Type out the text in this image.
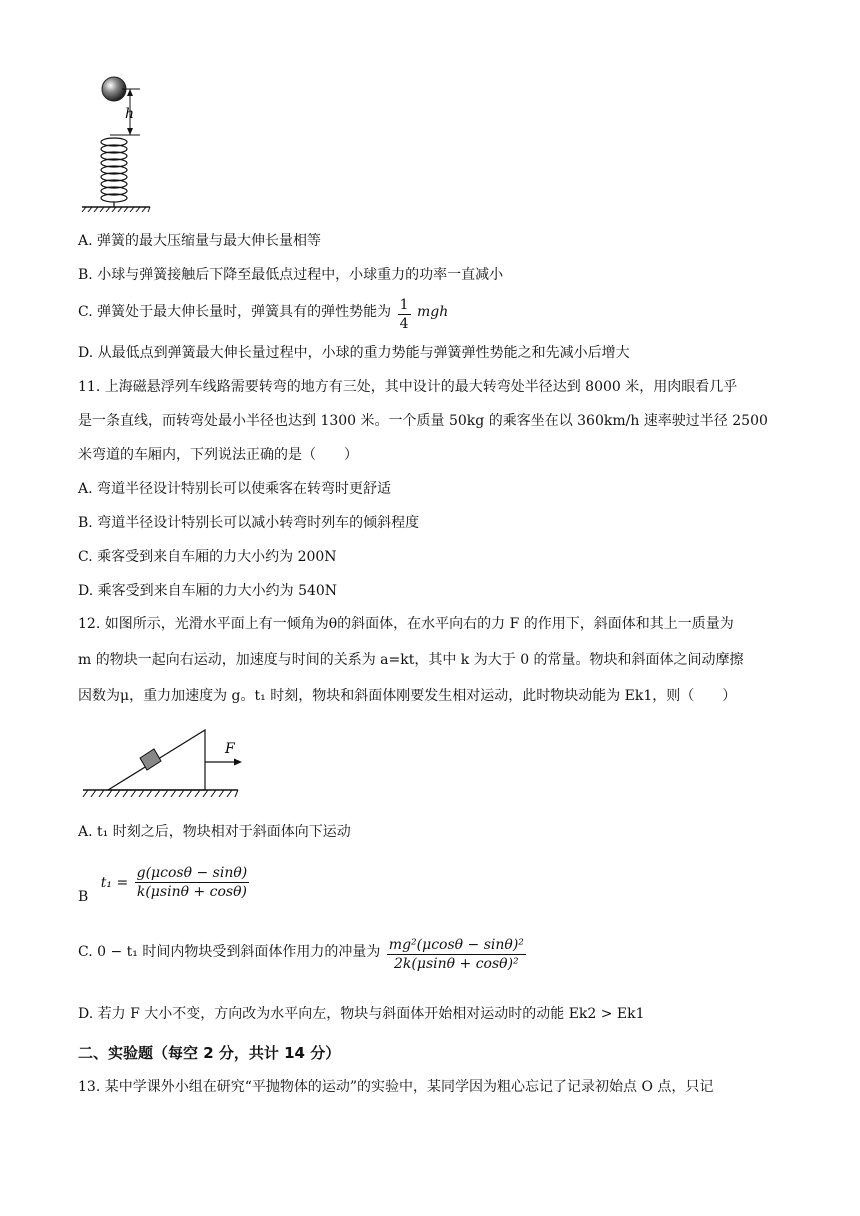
h
A. 弹簧的最大压缩量与最大伸长量相等
B. 小球与弹簧接触后下降至最低点过程中，小球重力的功率一直减小
C. 弹簧处于最大伸长量时，弹簧具有的弹性势能为 $\frac{1}{4}$ mgh
D. 从最低点到弹簧最大伸长量过程中，小球的重力势能与弹簧弹性势能之和先减小后增大
11. 上海磁悬浮列车线路需要转弯的地方有三处，其中设计的最大转弯处半径达到 8000 米，用肉眼看几乎
是一条直线，而转弯处最小半径也达到 1300 米。一个质量 50kg 的乘客坐在以 360km/h 速率驶过半径 2500
米弯道的车厢内，下列说法正确的是（　　）
A. 弯道半径设计特别长可以使乘客在转弯时更舒适
B. 弯道半径设计特别长可以减小转弯时列车的倾斜程度
C. 乘客受到来自车厢的力大小约为 200N
D. 乘客受到来自车厢的力大小约为 540N
12. 如图所示，光滑水平面上有一倾角为θ的斜面体，在水平向右的力 F 的作用下，斜面体和其上一质量为
m 的物块一起向右运动，加速度与时间的关系为 a=kt，其中 k 为大于 0 的常量。物块和斜面体之间动摩擦
因数为μ，重力加速度为 g。t₁ 时刻，物块和斜面体刚要发生相对运动，此时物块动能为 Ek1，则（　　）
F
A. t₁ 时刻之后，物块相对于斜面体向下运动
B $t_1 = \frac{g(\mu\cos\theta - \sin\theta)}{k(\mu\sin\theta + \cos\theta)}$
C. 0 − t₁ 时间内物块受到斜面体作用力的冲量为 $\frac{\text{mg²(μcosθ − sinθ)²}}{\text{2k(μsinθ + cosθ)²}}$
D. 若力 F 大小不变，方向改为水平向左，物块与斜面体开始相对运动时的动能 Ek2 > Ek1
二、实验题（每空 2 分，共计 14 分）
13. 某中学课外小组在研究“平抛物体的运动”的实验中，某同学因为粗心忘记了记录初始点 O 点，只记
